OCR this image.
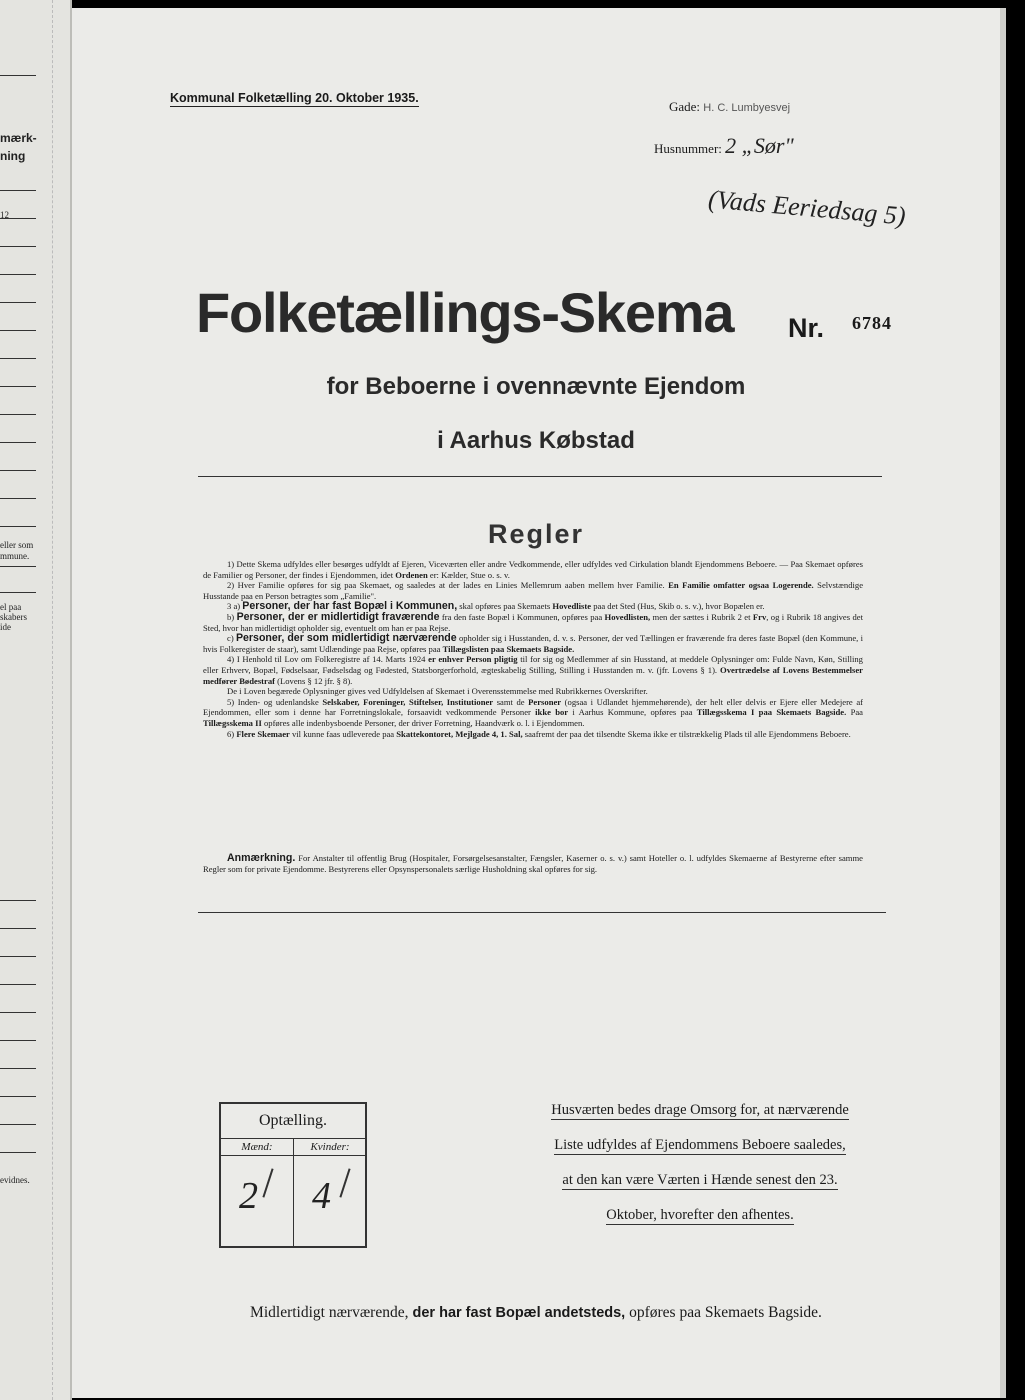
mærk-
ning
12
eller som
mmune.
el paa
skabers
ide
evidnes.
Kommunal Folketælling 20. Oktober 1935.
Gade: H. C. Lumbyesvej
Husnummer: 2 „Sør"
(Vads Eeriedsag 5)
Folketællings-Skema Nr. 6784
for Beboerne i ovennævnte Ejendom
i Aarhus Købstad
Regler

1) Dette Skema udfyldes eller besørges udfyldt af Ejeren, Viceværten eller andre Vedkommende, eller udfyldes ved Cirkulation blandt Ejendommens Beboere. — Paa Skemaet opføres de Familier og Personer, der findes i Ejendommen, idet Ordenen er: Kælder, Stue o. s. v.

2) Hver Familie opføres for sig paa Skemaet, og saaledes at der lades en Linies Mellemrum aaben mellem hver Familie. En Familie omfatter ogsaa Logerende. Selvstændige Husstande paa en Person betragtes som „Familie".

3 a) Personer, der har fast Bopæl i Kommunen, skal opføres paa Skemaets Hovedliste paa det Sted (Hus, Skib o. s. v.), hvor Bopælen er.

b) Personer, der er midlertidigt fraværende fra den faste Bopæl i Kommunen, opføres paa Hovedlisten, men der sættes i Rubrik 2 et Frv, og i Rubrik 18 angives det Sted, hvor han midlertidigt opholder sig, eventuelt om han er paa Rejse.

c) Personer, der som midlertidigt nærværende opholder sig i Husstanden, d. v. s. Personer, der ved Tællingen er fraværende fra deres faste Bopæl (den Kommune, i hvis Folkeregister de staar), samt Udlændinge paa Rejse, opføres paa Tillægslisten paa Skemaets Bagside.

4) I Henhold til Lov om Folkeregistre af 14. Marts 1924 er enhver Person pligtig til for sig og Medlemmer af sin Husstand, at meddele Oplysninger om: Fulde Navn, Køn, Stilling eller Erhverv, Bopæl, Fødselsaar, Fødselsdag og Fødested, Statsborgerforhold, ægteskabelig Stilling, Stilling i Husstanden m. v. (jfr. Lovens § 1). Overtrædelse af Lovens Bestemmelser medfører Bødestraf (Lovens § 12 jfr. § 8).

De i Loven begærede Oplysninger gives ved Udfyldelsen af Skemaet i Overensstemmelse med Rubrikkernes Overskrifter.

5) Inden- og udenlandske Selskaber, Foreninger, Stiftelser, Institutioner samt de Personer (ogsaa i Udlandet hjemmehørende), der helt eller delvis er Ejere eller Medejere af Ejendommen, eller som i denne har Forretningslokale, forsaavidt vedkommende Personer ikke bor i Aarhus Kommune, opføres paa Tillægsskema I paa Skemaets Bagside. Paa Tillægsskema II opføres alle indenbysboende Personer, der driver Forretning, Haandværk o. l. i Ejendommen.

6) Flere Skemaer vil kunne faas udleverede paa Skattekontoret, Mejlgade 4, 1. Sal, saafremt der paa det tilsendte Skema ikke er tilstrækkelig Plads til alle Ejendommens Beboere.

Anmærkning. For Anstalter til offentlig Brug (Hospitaler, Forsørgelsesanstalter, Fængsler, Kaserner o. s. v.) samt Hoteller o. l. udfyldes Skemaerne af Bestyrerne efter samme Regler som for private Ejendomme. Bestyrerens eller Opsynspersonalets særlige Husholdning skal opføres for sig.

Optælling.
Mænd:
2
Kvinder:
4
Husværten bedes drage Omsorg for, at nærværende
Liste udfyldes af Ejendommens Beboere saaledes,
at den kan være Værten i Hænde senest den 23.
Oktober, hvorefter den afhentes.
Midlertidigt nærværende, der har fast Bopæl andetsteds, opføres paa Skemaets Bagside.
